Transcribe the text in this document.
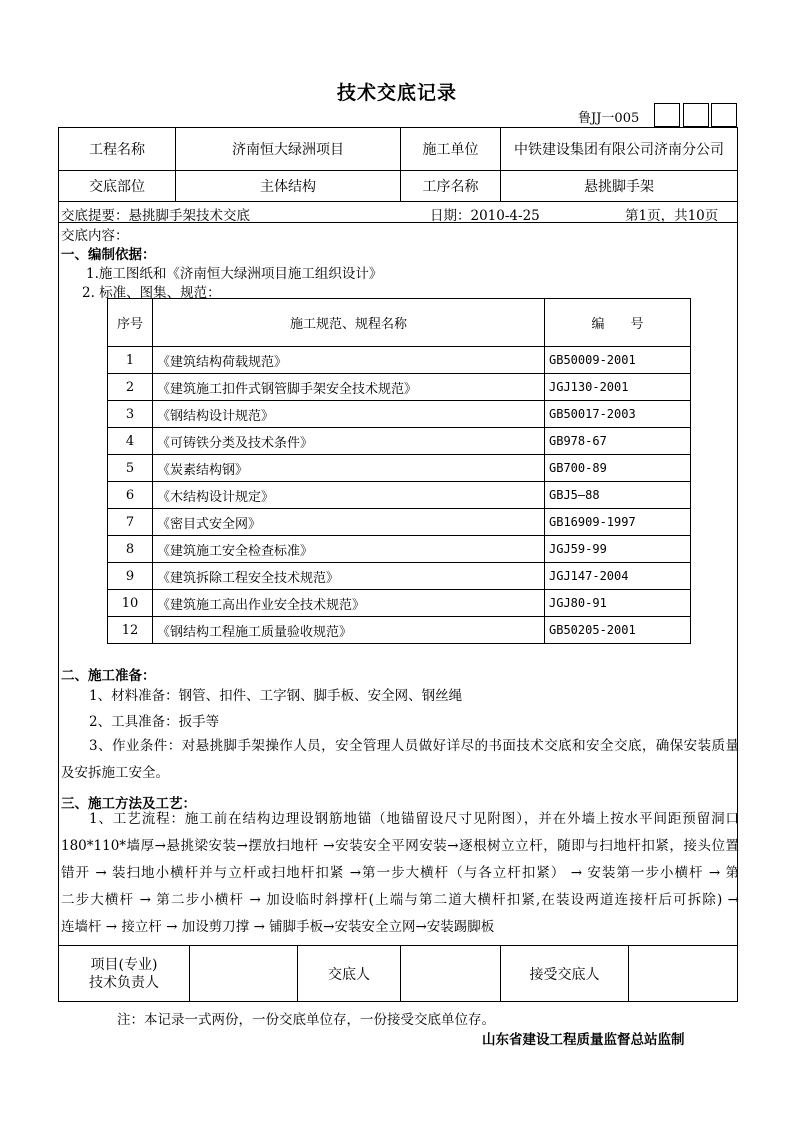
技术交底记录
鲁JJ一005
工程名称	济南恒大绿洲项目	施工单位	中铁建设集团有限公司济南分公司
交底部位	主体结构	工序名称	悬挑脚手架
交底提要：悬挑脚手架技术交底	日期：2010-4-25	第1页，共10页
交底内容：
一、编制依据：
1.施工图纸和《济南恒大绿洲项目施工组织设计》
2. 标准、图集、规范：
序号	施工规范、规程名称	编　　号
1	《建筑结构荷载规范》	GB50009-2001
2	《建筑施工扣件式钢管脚手架安全技术规范》	JGJ130-2001
3	《钢结构设计规范》	GB50017-2003
4	《可铸铁分类及技术条件》	GB978-67
5	《炭素结构钢》	GB700-89
6	《木结构设计规定》	GBJ5—88
7	《密目式安全网》	GB16909-1997
8	《建筑施工安全检查标准》	JGJ59-99
9	《建筑拆除工程安全技术规范》	JGJ147-2004
10	《建筑施工高出作业安全技术规范》	JGJ80-91
12	《钢结构工程施工质量验收规范》	GB50205-2001
二、施工准备：
1、材料准备：钢管、扣件、工字钢、脚手板、安全网、钢丝绳
2、工具准备：扳手等
3、作业条件：对悬挑脚手架操作人员，安全管理人员做好详尽的书面技术交底和安全交底，确保安装质量
及安拆施工安全。
三、施工方法及工艺：
1、工艺流程：施工前在结构边理设钢筋地锚（地锚留设尺寸见附图），并在外墙上按水平间距预留洞口
180*110*墙厚→悬挑梁安装→摆放扫地杆 →安装安全平网安装→逐根树立立杆，随即与扫地杆扣紧，接头位置
错开 → 装扫地小横杆并与立杆或扫地杆扣紧 →第一步大横杆（与各立杆扣紧） → 安装第一步小横杆 → 第
二步大横杆 → 第二步小横杆 → 加设临时斜撑杆(上端与第二道大横杆扣紧,在装设两道连接杆后可拆除) →
连墙杆 → 接立杆 → 加设剪刀撑 → 铺脚手板→安装安全立网→安装踢脚板
项目(专业)
技术负责人	交底人	接受交底人
注：本记录一式两份，一份交底单位存，一份接受交底单位存。
山东省建设工程质量监督总站监制
